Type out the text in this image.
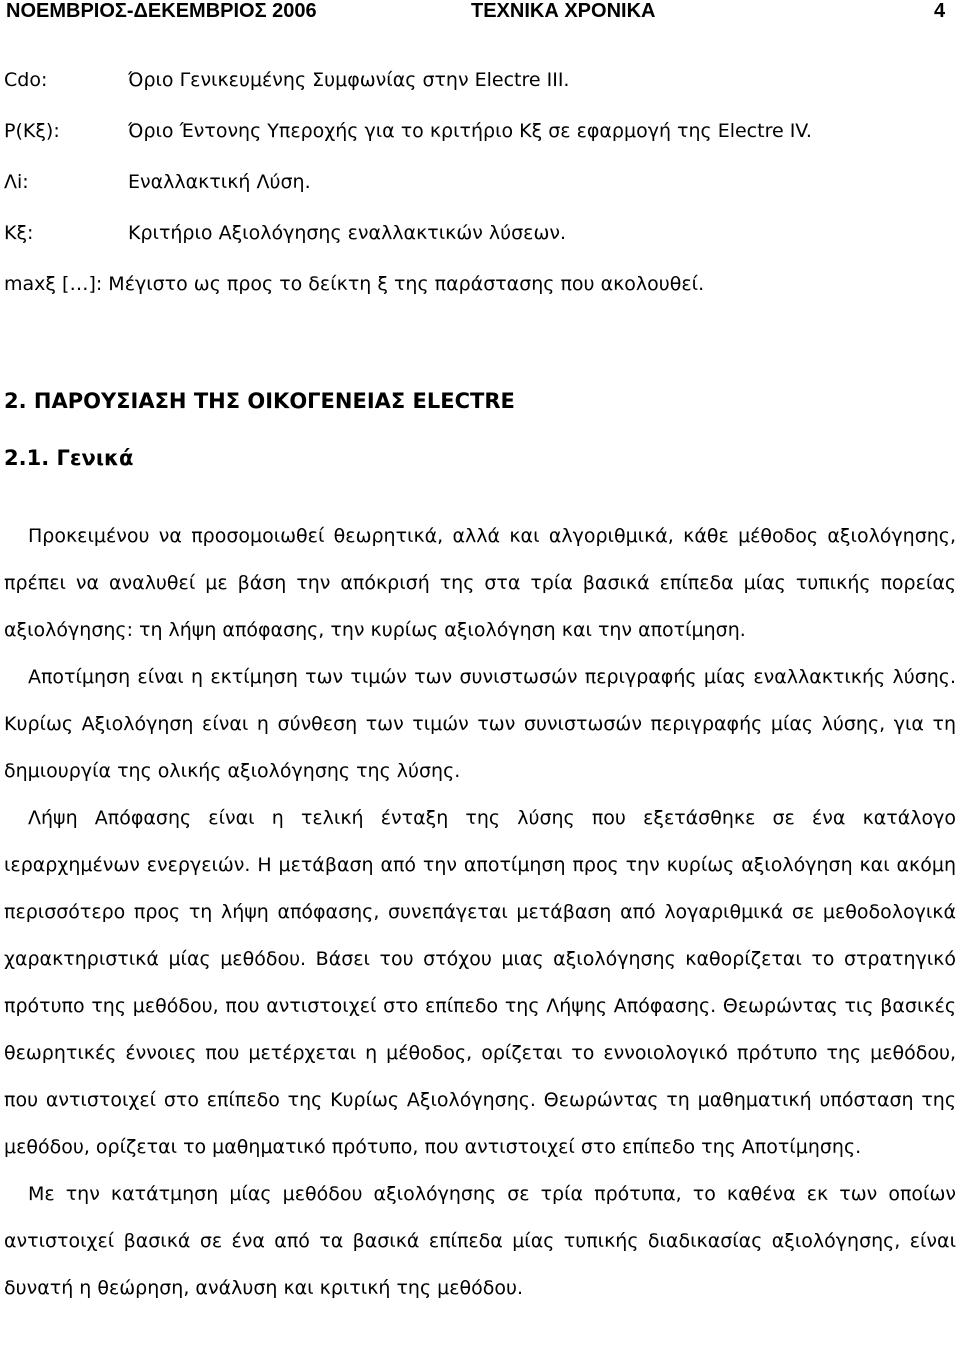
ΝΟΕΜΒΡΙΟΣ-ΔΕΚΕΜΒΡΙΟΣ 2006	ΤΕΧΝΙΚΑ ΧΡΟΝΙΚΑ	4
Cdo:	Όριο Γενικευμένης Συμφωνίας στην Electre III.
Ρ(Κξ):	Όριο Έντονης Υπεροχής για το κριτήριο Κξ σε εφαρμογή της Electre IV.
Λi:	Εναλλακτική Λύση.
Κξ:	Κριτήριο Αξιολόγησης εναλλακτικών λύσεων.
maxξ […]: Μέγιστο ως προς το δείκτη ξ της παράστασης που ακολουθεί.
2. ΠΑΡΟΥΣΙΑΣΗ ΤΗΣ ΟΙΚΟΓΕΝΕΙΑΣ ELECTRE
2.1. Γενικά

Προκειμένου να προσομοιωθεί θεωρητικά, αλλά και αλγοριθμικά, κάθε μέθοδος αξιολόγησης, πρέπει να αναλυθεί με βάση την απόκρισή της στα τρία βασικά επίπεδα μίας τυπικής πορείας αξιολόγησης: τη λήψη απόφασης, την κυρίως αξιολόγηση και την αποτίμηση.

Αποτίμηση είναι η εκτίμηση των τιμών των συνιστωσών περιγραφής μίας εναλλακτικής λύσης. Κυρίως Αξιολόγηση είναι η σύνθεση των τιμών των συνιστωσών περιγραφής μίας λύσης, για τη δημιουργία της ολικής αξιολόγησης της λύσης.

Λήψη Απόφασης είναι η τελική ένταξη της λύσης που εξετάσθηκε σε ένα κατάλογο ιεραρχημένων ενεργειών. Η μετάβαση από την αποτίμηση προς την κυρίως αξιολόγηση και ακόμη περισσότερο προς τη λήψη απόφασης, συνεπάγεται μετάβαση από λογαριθμικά σε μεθοδολογικά χαρακτηριστικά μίας μεθόδου. Βάσει του στόχου μιας αξιολόγησης καθορίζεται το στρατηγικό πρότυπο της μεθόδου, που αντιστοιχεί στο επίπεδο της Λήψης Απόφασης. Θεωρώντας τις βασικές θεωρητικές έννοιες που μετέρχεται η μέθοδος, ορίζεται το εννοιολογικό πρότυπο της μεθόδου, που αντιστοιχεί στο επίπεδο της Κυρίως Αξιολόγησης. Θεωρώντας τη μαθηματική υπόσταση της μεθόδου, ορίζεται το μαθηματικό πρότυπο, που αντιστοιχεί στο επίπεδο της Αποτίμησης.

Με την κατάτμηση μίας μεθόδου αξιολόγησης σε τρία πρότυπα, το καθένα εκ των οποίων αντιστοιχεί βασικά σε ένα από τα βασικά επίπεδα μίας τυπικής διαδικασίας αξιολόγησης, είναι δυνατή η θεώρηση, ανάλυση και κριτική της μεθόδου.
